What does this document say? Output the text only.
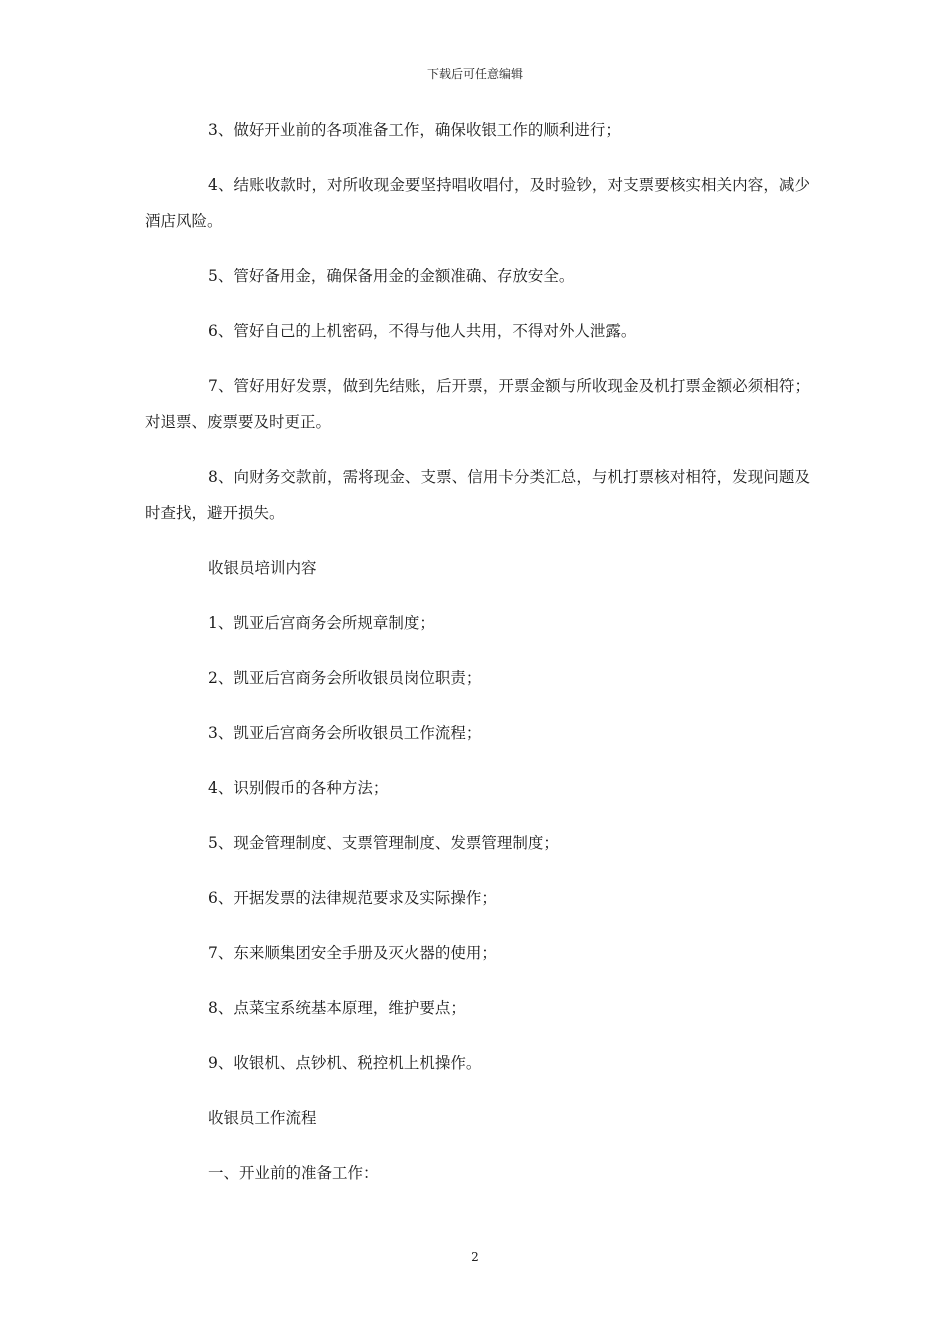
下载后可任意编辑

3、做好开业前的各项准备工作，确保收银工作的顺利进行；

4、结账收款时，对所收现金要坚持唱收唱付，及时验钞，对支票要核实相关内容，减少酒店风险。

5、管好备用金，确保备用金的金额准确、存放安全。

6、管好自己的上机密码，不得与他人共用，不得对外人泄露。

7、管好用好发票，做到先结账，后开票，开票金额与所收现金及机打票金额必须相符；对退票、废票要及时更正。

8、向财务交款前，需将现金、支票、信用卡分类汇总，与机打票核对相符，发现问题及时查找，避开损失。

收银员培训内容

1、凯亚后宫商务会所规章制度；

2、凯亚后宫商务会所收银员岗位职责；

3、凯亚后宫商务会所收银员工作流程；

4、识别假币的各种方法；

5、现金管理制度、支票管理制度、发票管理制度；

6、开据发票的法律规范要求及实际操作；

7、东来顺集团安全手册及灭火器的使用；

8、点菜宝系统基本原理，维护要点；

9、收银机、点钞机、税控机上机操作。

收银员工作流程

一、开业前的准备工作：

2
